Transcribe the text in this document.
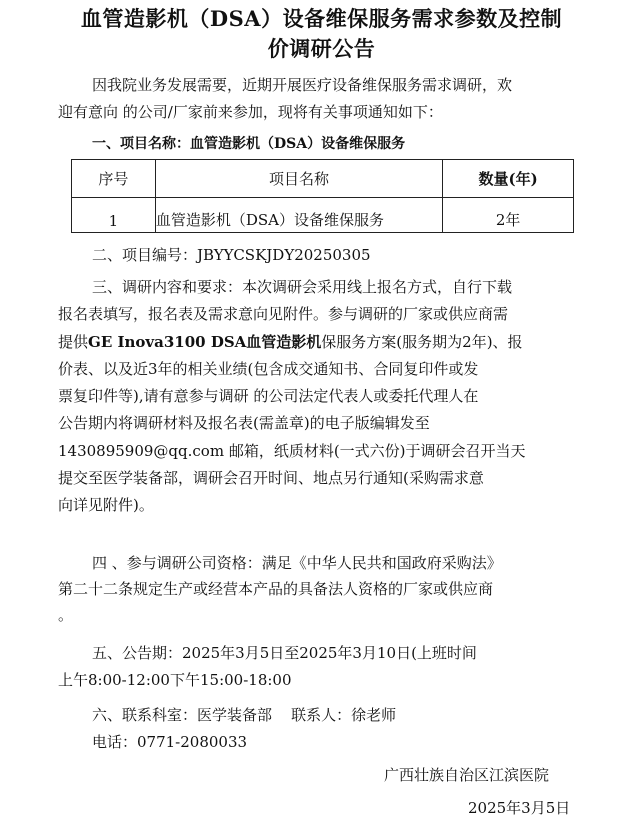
血管造影机（DSA）设备维保服务需求参数及控制
价调研公告
因我院业务发展需要，近期开展医疗设备维保服务需求调研，欢
迎有意向 的公司/厂家前来参加，现将有关事项通知如下：
一、项目名称：血管造影机（DSA）设备维保服务
序号	项目名称	数量(年)
1	血管造影机（DSA）设备维保服务	2年
二、项目编号：JBYYCSKJDY20250305
三、调研内容和要求：本次调研会采用线上报名方式，自行下载
报名表填写，报名表及需求意向见附件。参与调研的厂家或供应商需
提供GE Inova3100 DSA血管造影机保服务方案(服务期为2年)、报
价表、以及近3年的相关业绩(包含成交通知书、合同复印件或发
票复印件等),请有意参与调研 的公司法定代表人或委托代理人在
公告期内将调研材料及报名表(需盖章)的电子版编辑发至
1430895909@qq.com 邮箱，纸质材料(一式六份)于调研会召开当天
提交至医学装备部，调研会召开时间、地点另行通知(采购需求意
向详见附件)。
四 、参与调研公司资格：满足《中华人民共和国政府采购法》
第二十二条规定生产或经营本产品的具备法人资格的厂家或供应商
。
五、公告期：2025年3月5日至2025年3月10日(上班时间
上午8:00-12:00下午15:00-18:00
六、联系科室：医学装备部    联系人：徐老师
电话：0771-2080033
广西壮族自治区江滨医院
2025年3月5日
